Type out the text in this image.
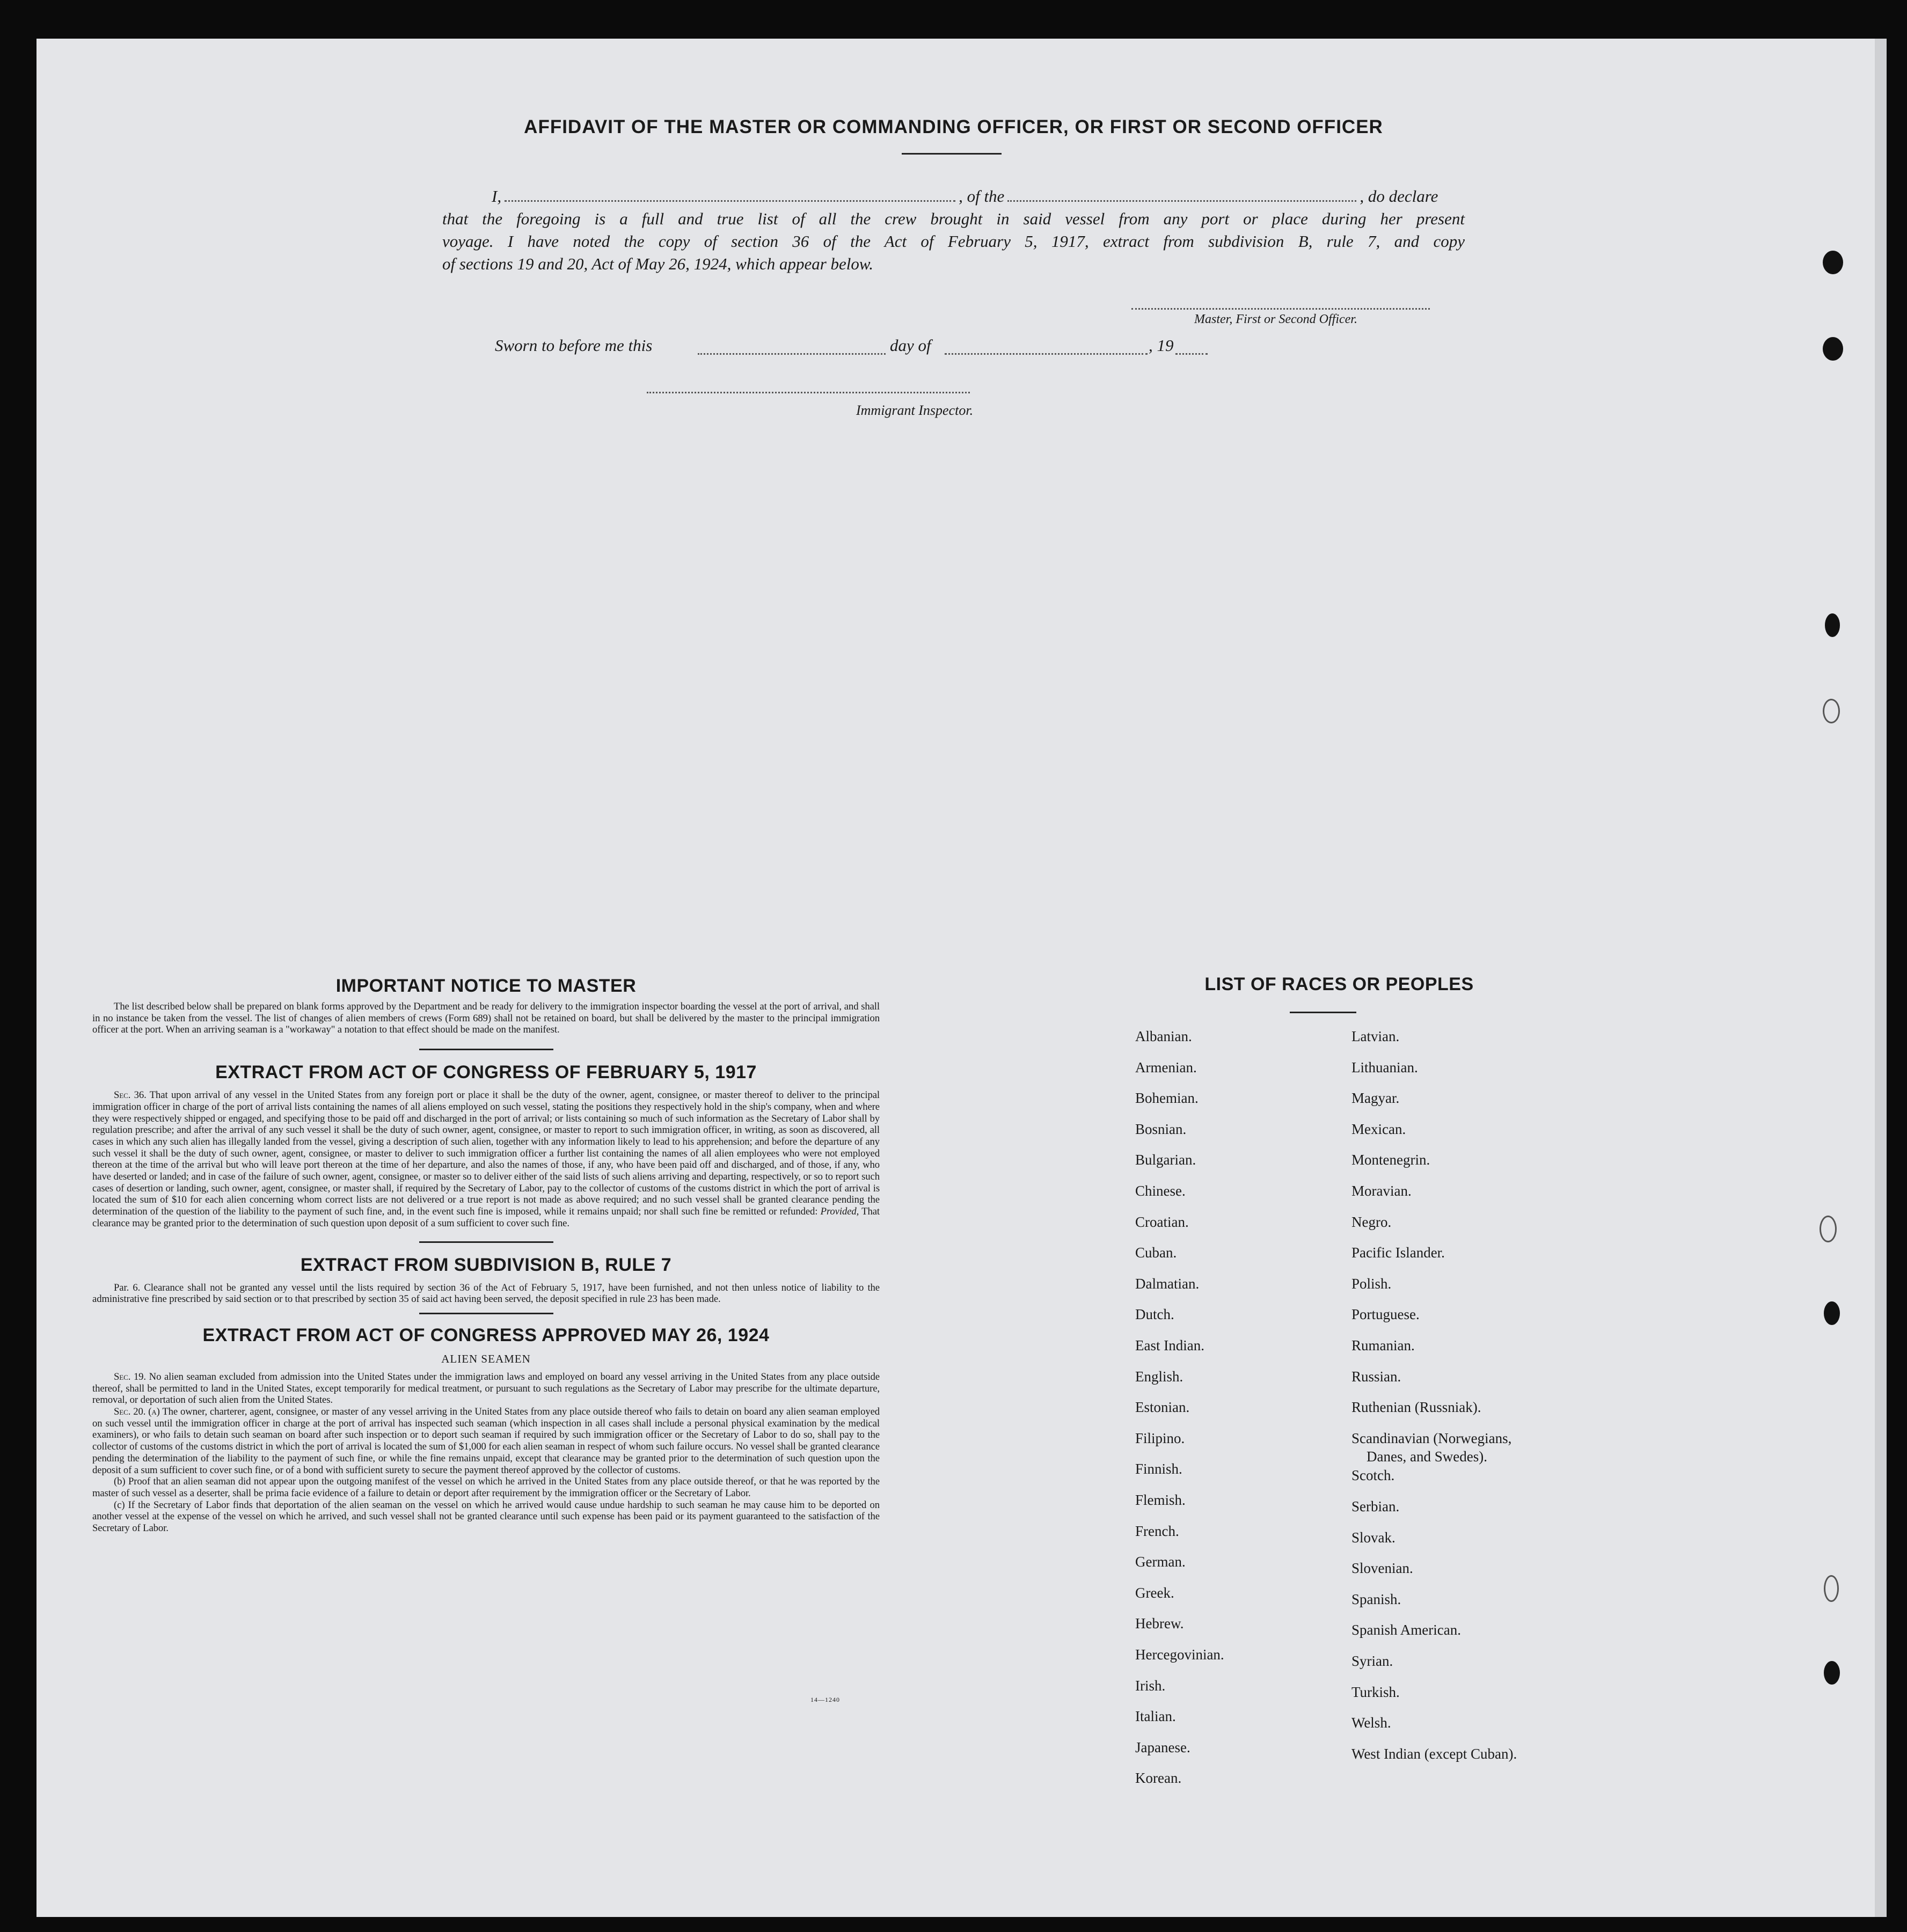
AFFIDAVIT OF THE MASTER OR COMMANDING OFFICER, OR FIRST OR SECOND OFFICER
I,	, of the	, do declare
that the foregoing is a full and true list of all the crew brought in said vessel from any port or place during her present
voyage. I have noted the copy of section 36 of the Act of February 5, 1917, extract from subdivision B, rule 7, and copy
of sections 19 and 20, Act of May 26, 1924, which appear below.
Master, First or Second Officer.
Sworn to before me this	day of	, 19
Immigrant Inspector.
IMPORTANT NOTICE TO MASTER
The list described below shall be prepared on blank forms approved by the Department and be ready for delivery to the immigration inspector boarding the vessel at the port of arrival, and shall in no instance be taken from the vessel. The list of changes of alien members of crews (Form 689) shall not be retained on board, but shall be delivered by the master to the principal immigration officer at the port. When an arriving seaman is a "workaway" a notation to that effect should be made on the manifest.
EXTRACT FROM ACT OF CONGRESS OF FEBRUARY 5, 1917
Sec. 36. That upon arrival of any vessel in the United States from any foreign port or place it shall be the duty of the owner, agent, consignee, or master thereof to deliver to the principal immigration officer in charge of the port of arrival lists containing the names of all aliens employed on such vessel, stating the positions they respectively hold in the ship's company, when and where they were respectively shipped or engaged, and specifying those to be paid off and discharged in the port of arrival; or lists containing so much of such information as the Secretary of Labor shall by regulation prescribe; and after the arrival of any such vessel it shall be the duty of such owner, agent, consignee, or master to report to such immigration officer, in writing, as soon as discovered, all cases in which any such alien has illegally landed from the vessel, giving a description of such alien, together with any information likely to lead to his apprehension; and before the departure of any such vessel it shall be the duty of such owner, agent, consignee, or master to deliver to such immigration officer a further list containing the names of all alien employees who were not employed thereon at the time of the arrival but who will leave port thereon at the time of her departure, and also the names of those, if any, who have been paid off and discharged, and of those, if any, who have deserted or landed; and in case of the failure of such owner, agent, consignee, or master so to deliver either of the said lists of such aliens arriving and departing, respectively, or so to report such cases of desertion or landing, such owner, agent, consignee, or master shall, if required by the Secretary of Labor, pay to the collector of customs of the customs district in which the port of arrival is located the sum of $10 for each alien concerning whom correct lists are not delivered or a true report is not made as above required; and no such vessel shall be granted clearance pending the determination of the question of the liability to the payment of such fine, and, in the event such fine is imposed, while it remains unpaid; nor shall such fine be remitted or refunded: Provided, That clearance may be granted prior to the determination of such question upon deposit of a sum sufficient to cover such fine.
EXTRACT FROM SUBDIVISION B, RULE 7
Par. 6. Clearance shall not be granted any vessel until the lists required by section 36 of the Act of February 5, 1917, have been furnished, and not then unless notice of liability to the administrative fine prescribed by said section or to that prescribed by section 35 of said act having been served, the deposit specified in rule 23 has been made.
EXTRACT FROM ACT OF CONGRESS APPROVED MAY 26, 1924
ALIEN SEAMEN
Sec. 19. No alien seaman excluded from admission into the United States under the immigration laws and employed on board any vessel arriving in the United States from any place outside thereof, shall be permitted to land in the United States, except temporarily for medical treatment, or pursuant to such regulations as the Secretary of Labor may prescribe for the ultimate departure, removal, or deportation of such alien from the United States.
Sec. 20. (a) The owner, charterer, agent, consignee, or master of any vessel arriving in the United States from any place outside thereof who fails to detain on board any alien seaman employed on such vessel until the immigration officer in charge at the port of arrival has inspected such seaman (which inspection in all cases shall include a personal physical examination by the medical examiners), or who fails to detain such seaman on board after such inspection or to deport such seaman if required by such immigration officer or the Secretary of Labor to do so, shall pay to the collector of customs of the customs district in which the port of arrival is located the sum of $1,000 for each alien seaman in respect of whom such failure occurs. No vessel shall be granted clearance pending the determination of the liability to the payment of such fine, or while the fine remains unpaid, except that clearance may be granted prior to the determination of such question upon the deposit of a sum sufficient to cover such fine, or of a bond with sufficient surety to secure the payment thereof approved by the collector of customs.
(b) Proof that an alien seaman did not appear upon the outgoing manifest of the vessel on which he arrived in the United States from any place outside thereof, or that he was reported by the master of such vessel as a deserter, shall be prima facie evidence of a failure to detain or deport after requirement by the immigration officer or the Secretary of Labor.
(c) If the Secretary of Labor finds that deportation of the alien seaman on the vessel on which he arrived would cause undue hardship to such seaman he may cause him to be deported on another vessel at the expense of the vessel on which he arrived, and such vessel shall not be granted clearance until such expense has been paid or its payment guaranteed to the satisfaction of the Secretary of Labor.
14—1240
LIST OF RACES OR PEOPLES
Albanian.
Armenian.
Bohemian.
Bosnian.
Bulgarian.
Chinese.
Croatian.
Cuban.
Dalmatian.
Dutch.
East Indian.
English.
Estonian.
Filipino.
Finnish.
Flemish.
French.
German.
Greek.
Hebrew.
Hercegovinian.
Irish.
Italian.
Japanese.
Korean.
Latvian.
Lithuanian.
Magyar.
Mexican.
Montenegrin.
Moravian.
Negro.
Pacific Islander.
Polish.
Portuguese.
Rumanian.
Russian.
Ruthenian (Russniak).
Scandinavian (Norwegians,
Danes, and Swedes).
Scotch.
Serbian.
Slovak.
Slovenian.
Spanish.
Spanish American.
Syrian.
Turkish.
Welsh.
West Indian (except Cuban).
